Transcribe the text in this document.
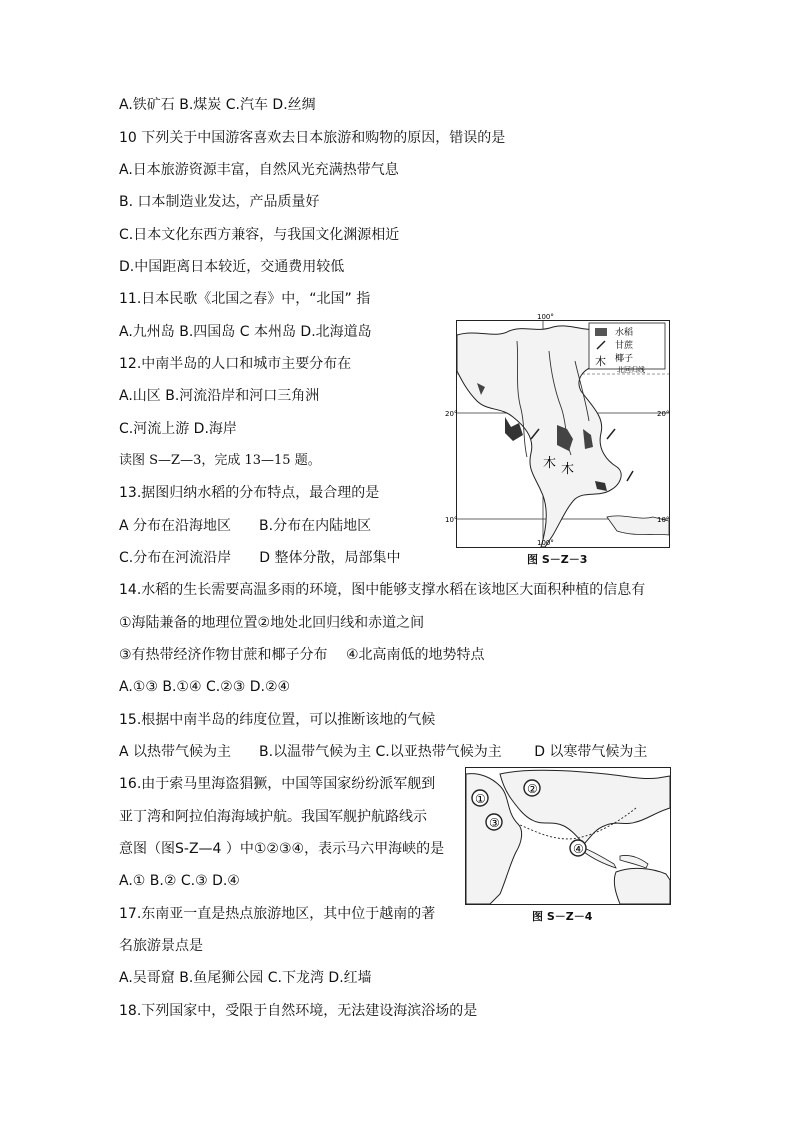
A.铁矿石 B.煤炭 C.汽车 D.丝绸
10 下列关于中国游客喜欢去日本旅游和购物的原因，错误的是
A.日本旅游资源丰富，自然风光充满热带气息
B. 口本制造业发达，产品质量好
C.日本文化东西方兼容，与我国文化渊源相近
D.中国距离日本较近，交通费用较低
11.日本民歌《北国之春》中，“北国” 指
A.九州岛 B.四国岛 C 本州岛 D.北海道岛
12.中南半岛的人口和城市主要分布在
A.山区 B.河流沿岸和河口三角洲
C.河流上游 D.海岸
读图 S—Z—3，完成 13—15 题。
13.据图归纳水稻的分布特点，最合理的是
A 分布在沿海地区　　B.分布在内陆地区
C.分布在河流沿岸　　D 整体分散，局部集中
14.水稻的生长需要高温多雨的环境，图中能够支撑水稻在该地区大面积种植的信息有
①海陆兼备的地理位置②地处北回归线和赤道之间
③有热带经济作物甘蔗和椰子分布　 ④北高南低的地势特点
A.①③ B.①④ C.②③ D.②④
15.根据中南半岛的纬度位置，可以推断该地的气候
A 以热带气候为主　　B.以温带气候为主 C.以亚热带气候为主　　 D 以寒带气候为主
16.由于索马里海盗猖獗，中国等国家纷纷派军舰到
亚丁湾和阿拉伯海海域护航。我国军舰护航路线示
意图（图S-Z—4 ）中①②③④，表示马六甲海峡的是
A.① B.② C.③ D.④
17.东南亚一直是热点旅游地区，其中位于越南的著
名旅游景点是
A.吴哥窟 B.鱼尾狮公园 C.下龙湾 D.红墙
18.下列国家中，受限于自然环境，无法建设海滨浴场的是
⽊ ⽊
100°
20°	20°
10°	10°
100°
⽊
水稻
甘蔗
椰子
北回归线
图 S－Z－3
①
②
③
④
图 S－Z－4
